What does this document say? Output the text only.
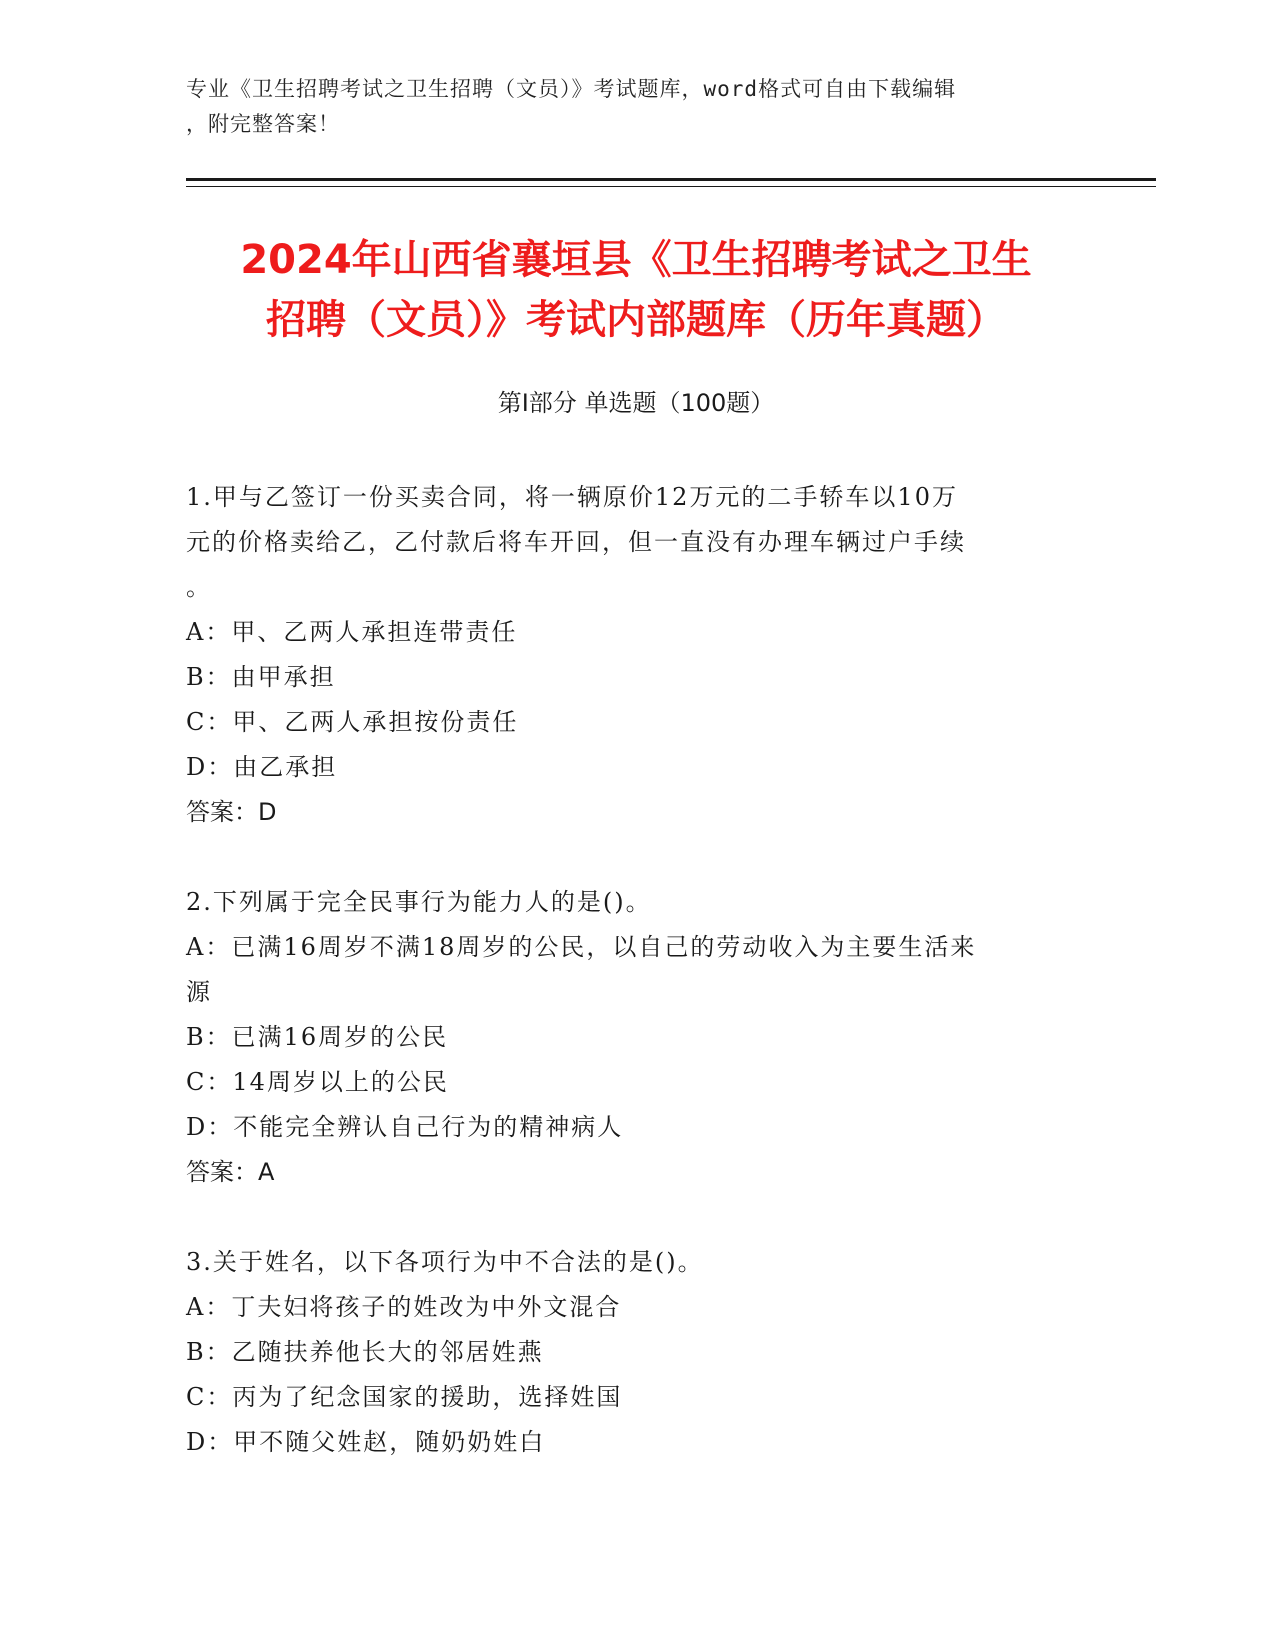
专业《卫生招聘考试之卫生招聘（文员）》考试题库，word格式可自由下载编辑
，附完整答案！
2024年山西省襄垣县《卫生招聘考试之卫生
招聘（文员）》考试内部题库（历年真题）
第Ⅰ部分 单选题（100题）
1.甲与乙签订一份买卖合同，将一辆原价12万元的二手轿车以10万
元的价格卖给乙，乙付款后将车开回，但一直没有办理车辆过户手续
。
A：甲、乙两人承担连带责任
B：由甲承担
C：甲、乙两人承担按份责任
D：由乙承担
答案：D
2.下列属于完全民事行为能力人的是()。
A：已满16周岁不满18周岁的公民，以自己的劳动收入为主要生活来
源
B：已满16周岁的公民
C：14周岁以上的公民
D：不能完全辨认自己行为的精神病人
答案：A
3.关于姓名，以下各项行为中不合法的是()。
A：丁夫妇将孩子的姓改为中外文混合
B：乙随扶养他长大的邻居姓燕
C：丙为了纪念国家的援助，选择姓国
D：甲不随父姓赵，随奶奶姓白
